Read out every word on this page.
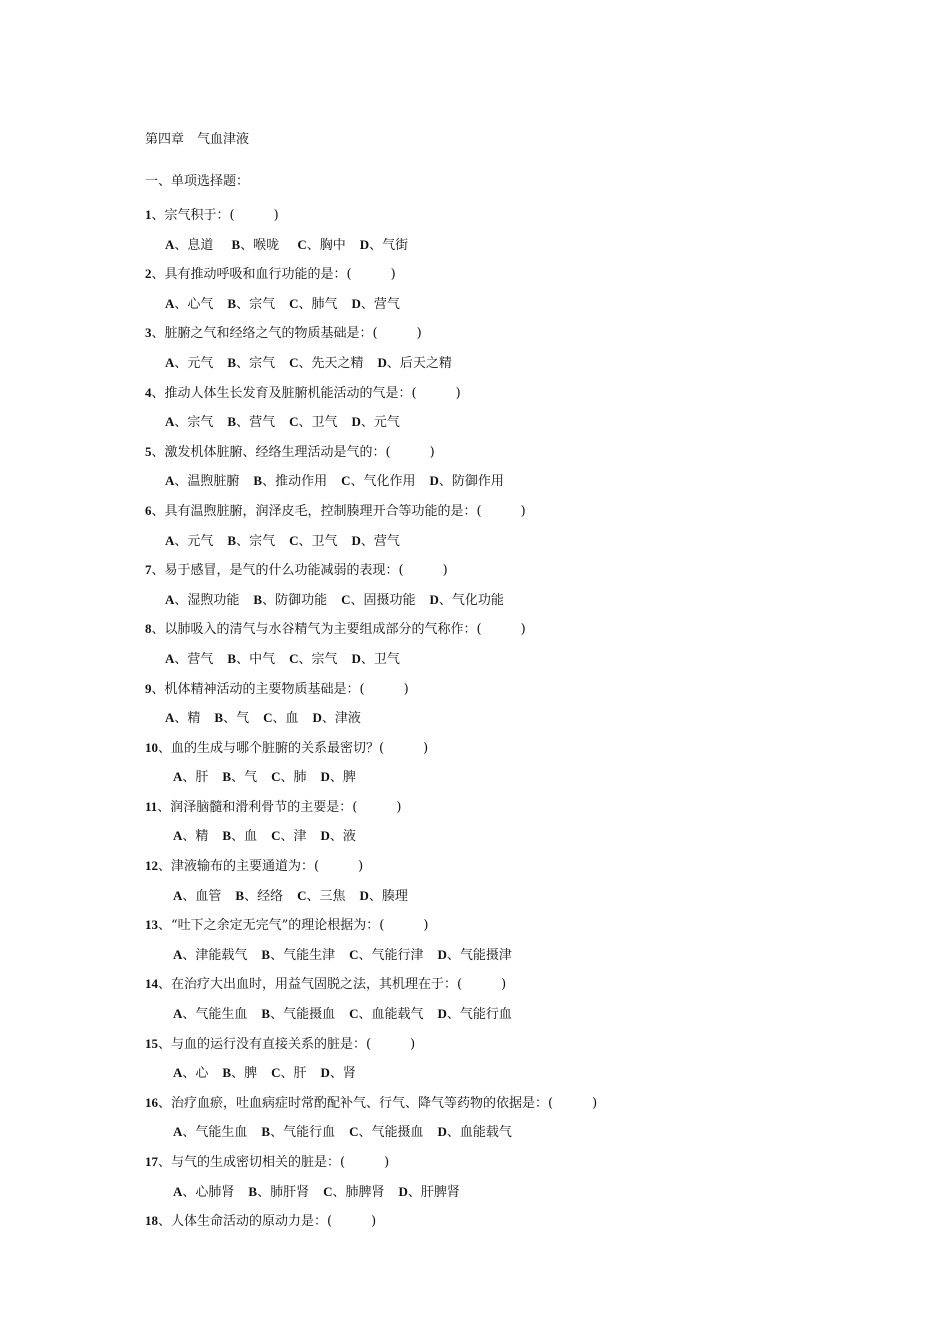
第四章　气血津液
一、单项选择题：
1、宗气积于：(　　　)
A、息道 B、喉咙 C、胸中 D、气街
2、具有推动呼吸和血行功能的是：(　　　)
A、心气 B、宗气 C、肺气 D、营气
3、脏腑之气和经络之气的物质基础是：(　　　)
A、元气 B、宗气 C、先天之精 D、后天之精
4、推动人体生长发育及脏腑机能活动的气是：(　　　)
A、宗气 B、营气 C、卫气 D、元气
5、激发机体脏腑、经络生理活动是气的：(　　　)
A、温煦脏腑 B、推动作用 C、气化作用 D、防御作用
6、具有温煦脏腑，润泽皮毛，控制腠理开合等功能的是：(　　　)
A、元气 B、宗气 C、卫气 D、营气
7、易于感冒，是气的什么功能减弱的表现：(　　　)
A、湿煦功能 B、防御功能 C、固摄功能 D、气化功能
8、以肺吸入的清气与水谷精气为主要组成部分的气称作：(　　　)
A、营气 B、中气 C、宗气 D、卫气
9、机体精神活动的主要物质基础是：(　　　)
A、精 B、气 C、血 D、津液
10、血的生成与哪个脏腑的关系最密切？(　　　)
A、肝 B、气 C、肺 D、脾
11、润泽脑髓和滑利骨节的主要是：(　　　)
A、精 B、血 C、津 D、液
12、津液输布的主要通道为：(　　　)
A、血管 B、经络 C、三焦 D、腠理
13、“吐下之余定无完气”的理论根据为：(　　　)
A、津能载气 B、气能生津 C、气能行津 D、气能摄津
14、在治疗大出血时，用益气固脱之法，其机理在于：(　　　)
A、气能生血 B、气能摄血 C、血能载气 D、气能行血
15、与血的运行没有直接关系的脏是：(　　　)
A、心 B、脾 C、肝 D、肾
16、治疗血瘀，吐血病症时常酌配补气、行气、降气等药物的依据是：(　　　)
A、气能生血 B、气能行血 C、气能摄血 D、血能载气
17、与气的生成密切相关的脏是：(　　　)
A、心肺肾 B、肺肝肾 C、肺脾肾 D、肝脾肾
18、人体生命活动的原动力是：(　　　)
